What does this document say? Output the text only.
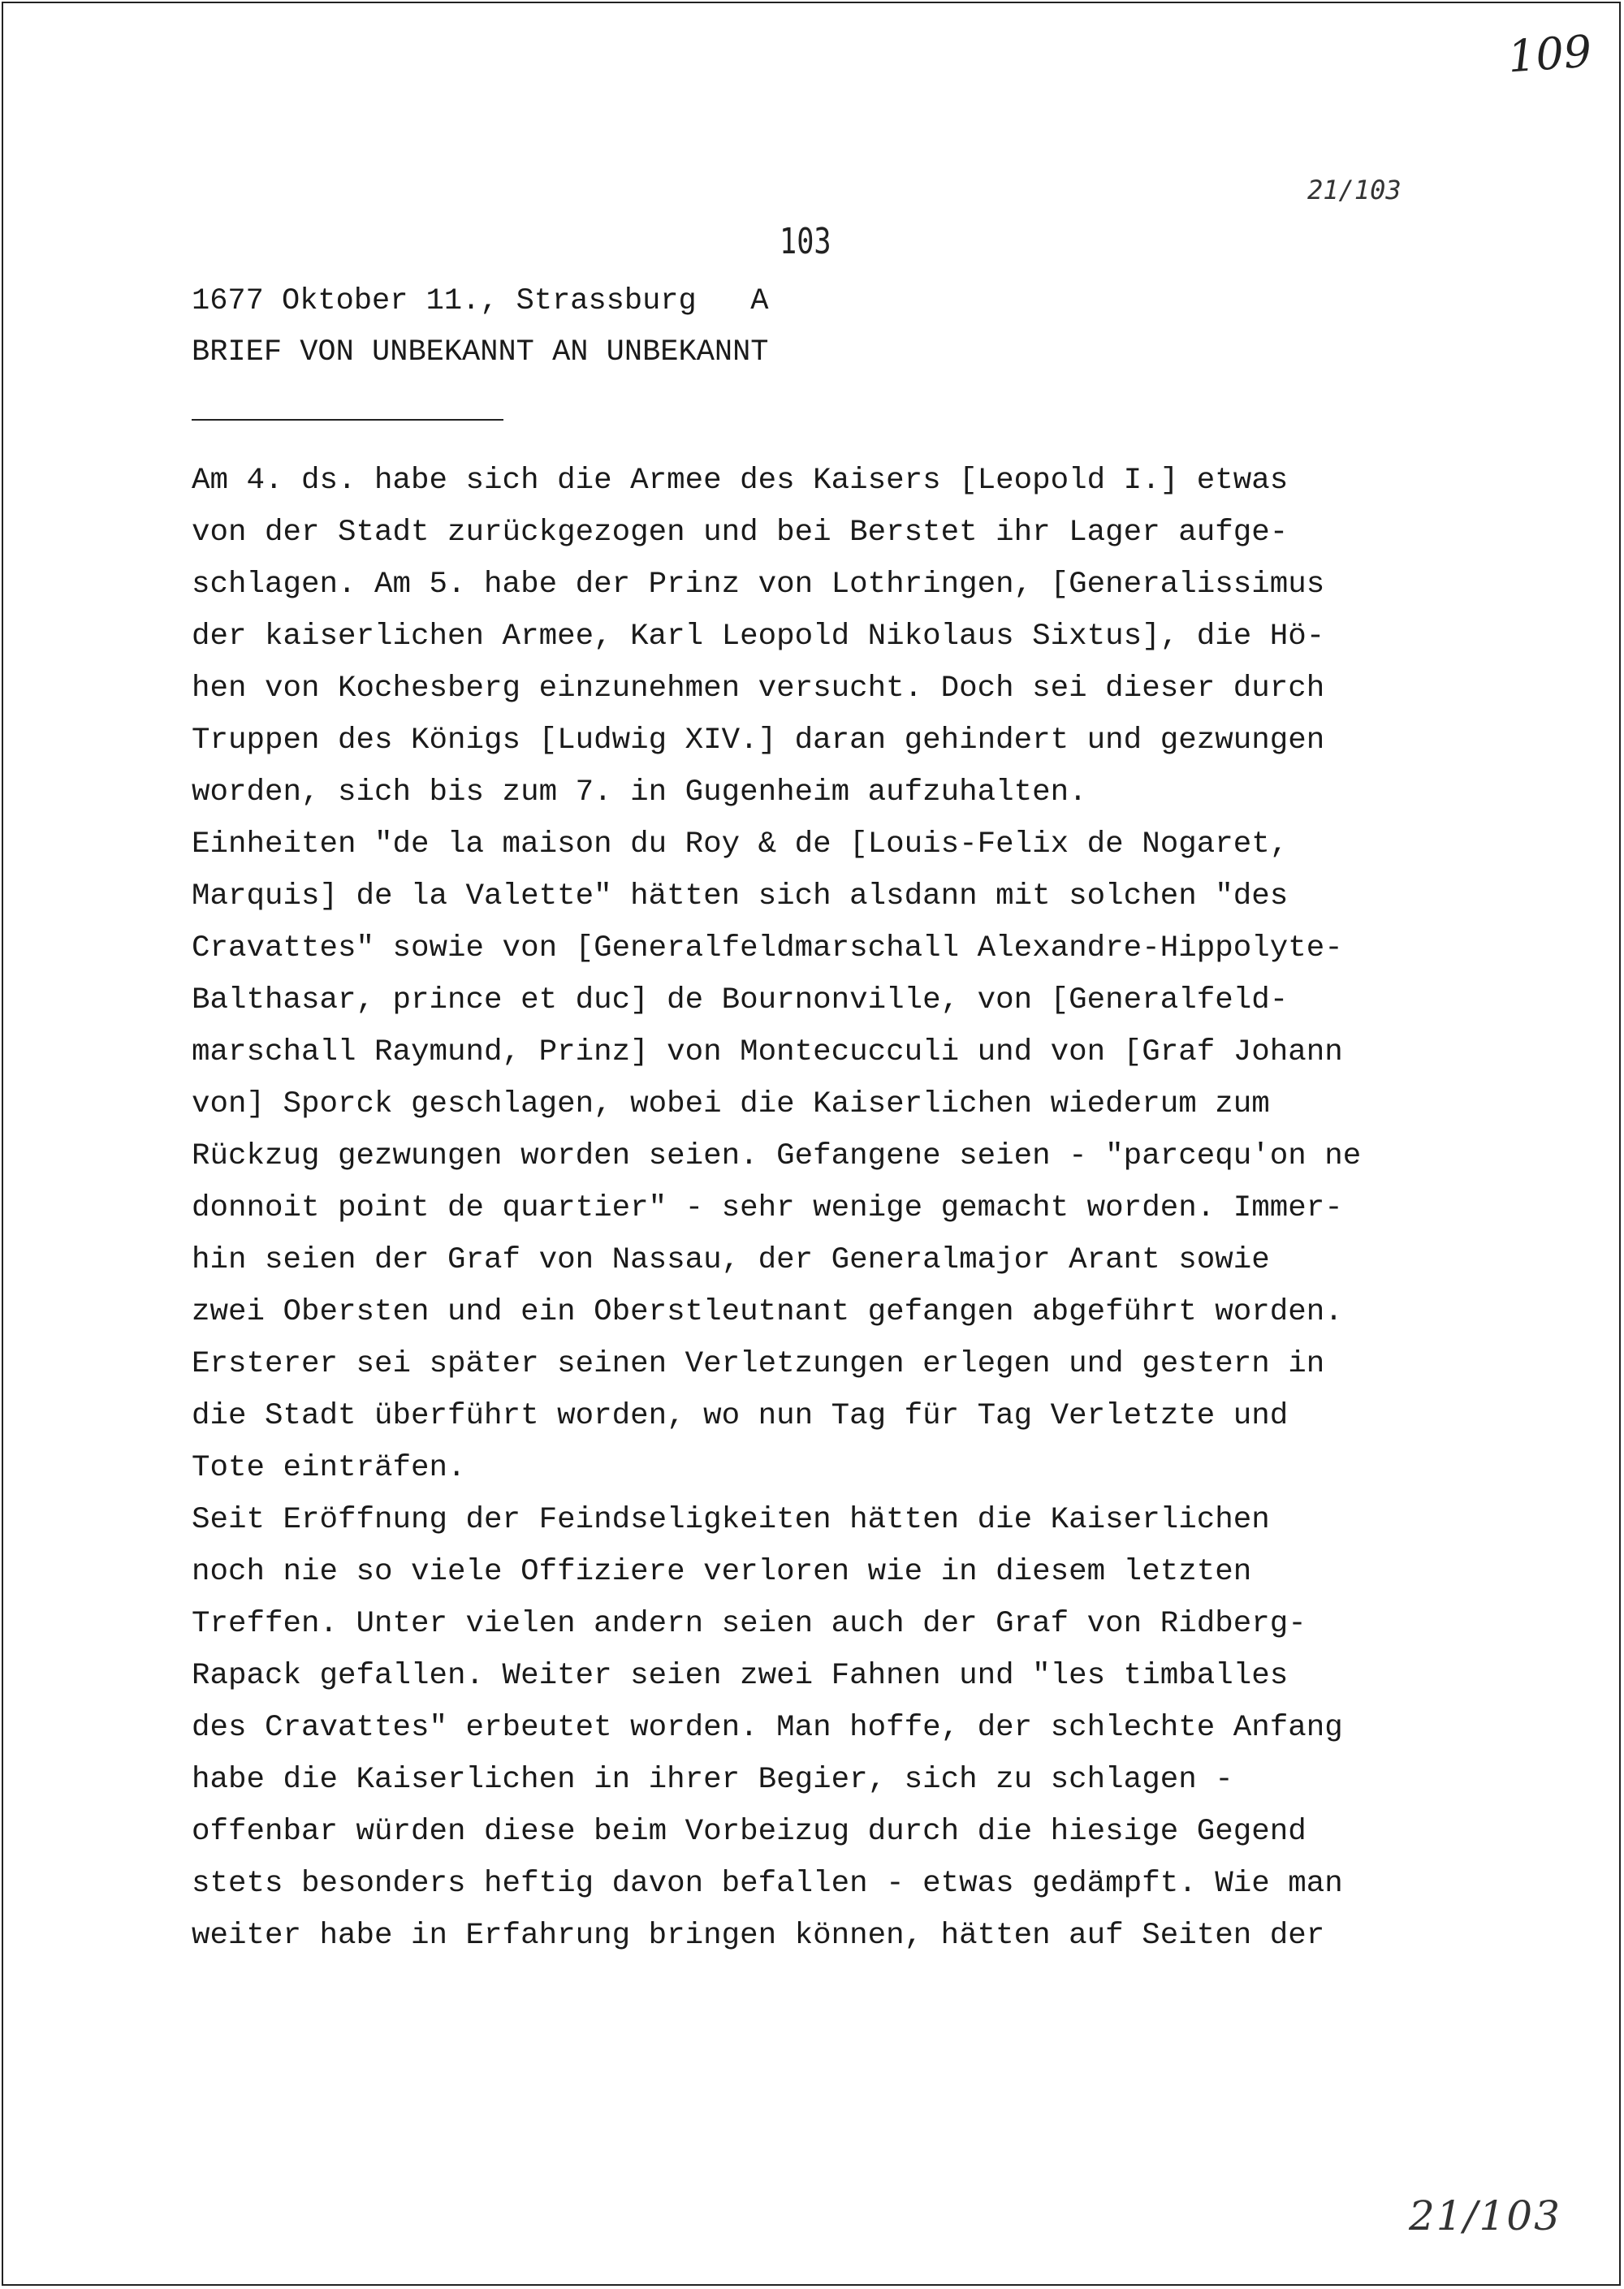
109
21/103
103
1677 Oktober 11., Strassburg   A
BRIEF VON UNBEKANNT AN UNBEKANNT
Am 4. ds. habe sich die Armee des Kaisers [Leopold I.] etwas
von der Stadt zurückgezogen und bei Berstet ihr Lager aufge-
schlagen. Am 5. habe der Prinz von Lothringen, [Generalissimus
der kaiserlichen Armee, Karl Leopold Nikolaus Sixtus], die Hö-
hen von Kochesberg einzunehmen versucht. Doch sei dieser durch
Truppen des Königs [Ludwig XIV.] daran gehindert und gezwungen
worden, sich bis zum 7. in Gugenheim aufzuhalten.
Einheiten "de la maison du Roy & de [Louis-Felix de Nogaret,
Marquis] de la Valette" hätten sich alsdann mit solchen "des
Cravattes" sowie von [Generalfeldmarschall Alexandre-Hippolyte-
Balthasar, prince et duc] de Bournonville, von [Generalfeld-
marschall Raymund, Prinz] von Montecucculi und von [Graf Johann
von] Sporck geschlagen, wobei die Kaiserlichen wiederum zum
Rückzug gezwungen worden seien. Gefangene seien - "parcequ'on ne
donnoit point de quartier" - sehr wenige gemacht worden. Immer-
hin seien der Graf von Nassau, der Generalmajor Arant sowie
zwei Obersten und ein Oberstleutnant gefangen abgeführt worden.
Ersterer sei später seinen Verletzungen erlegen und gestern in
die Stadt überführt worden, wo nun Tag für Tag Verletzte und
Tote einträfen.
Seit Eröffnung der Feindseligkeiten hätten die Kaiserlichen
noch nie so viele Offiziere verloren wie in diesem letzten
Treffen. Unter vielen andern seien auch der Graf von Ridberg-
Rapack gefallen. Weiter seien zwei Fahnen und "les timballes
des Cravattes" erbeutet worden. Man hoffe, der schlechte Anfang
habe die Kaiserlichen in ihrer Begier, sich zu schlagen -
offenbar würden diese beim Vorbeizug durch die hiesige Gegend
stets besonders heftig davon befallen - etwas gedämpft. Wie man
weiter habe in Erfahrung bringen können, hätten auf Seiten der
21/103
